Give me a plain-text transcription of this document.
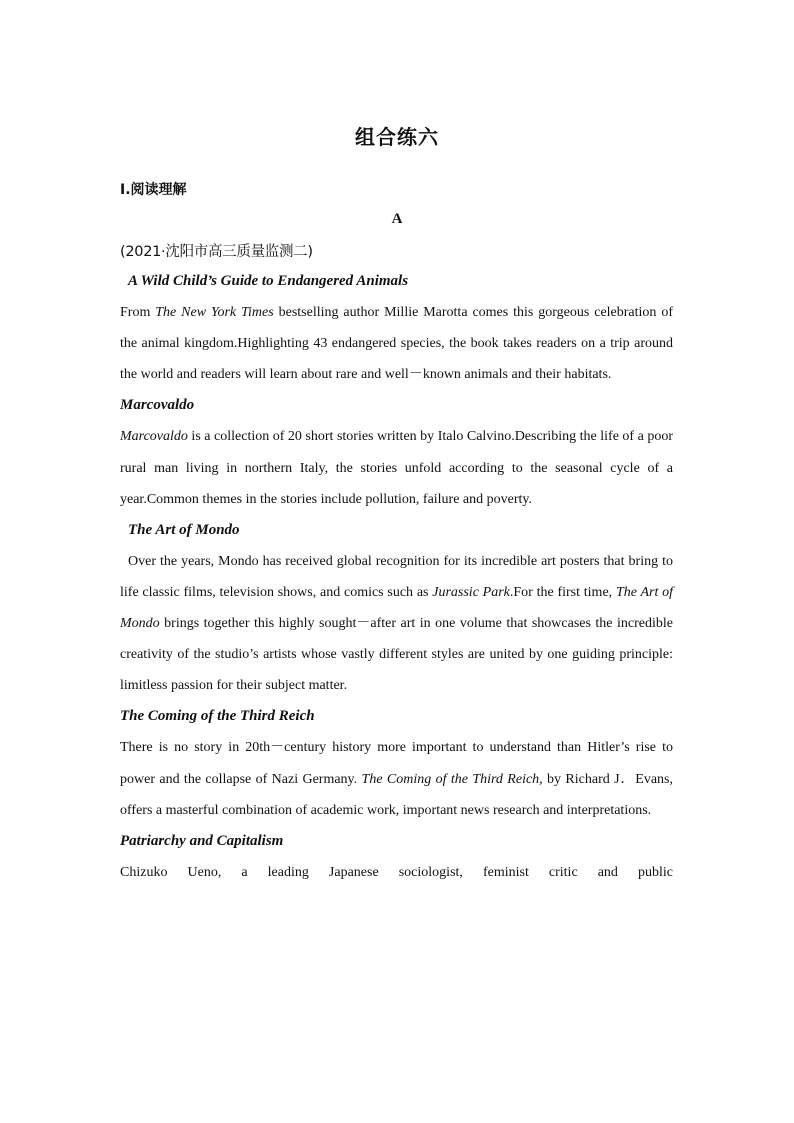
组合练六
Ⅰ.阅读理解
A
(2021·沈阳市高三质量监测二)
A Wild Child’s Guide to Endangered Animals

From The New York Times bestselling author Millie Marotta comes this gorgeous celebration of the animal kingdom.Highlighting 43 endangered species, the book takes readers on a trip around the world and readers will learn about rare and well－known animals and their habitats.

Marcovaldo

Marcovaldo is a collection of 20 short stories written by Italo Calvino.Describing the life of a poor rural man living in northern Italy, the stories unfold according to the seasonal cycle of a year.Common themes in the stories include pollution, failure and poverty.

The Art of Mondo

Over the years, Mondo has received global recognition for its incredible art posters that bring to life classic films, television shows, and comics such as Jurassic Park.For the first time, The Art of Mondo brings together this highly sought－after art in one volume that showcases the incredible creativity of the studio’s artists whose vastly different styles are united by one guiding principle: limitless passion for their subject matter.

The Coming of the Third Reich

There is no story in 20th－century history more important to understand than Hitler’s rise to power and the collapse of Nazi Germany. The Coming of the Third Reich, by Richard J．Evans, offers a masterful combination of academic work, important news research and interpretations.

Patriarchy and Capitalism

Chizuko Ueno, a leading Japanese sociologist, feminist critic and public
